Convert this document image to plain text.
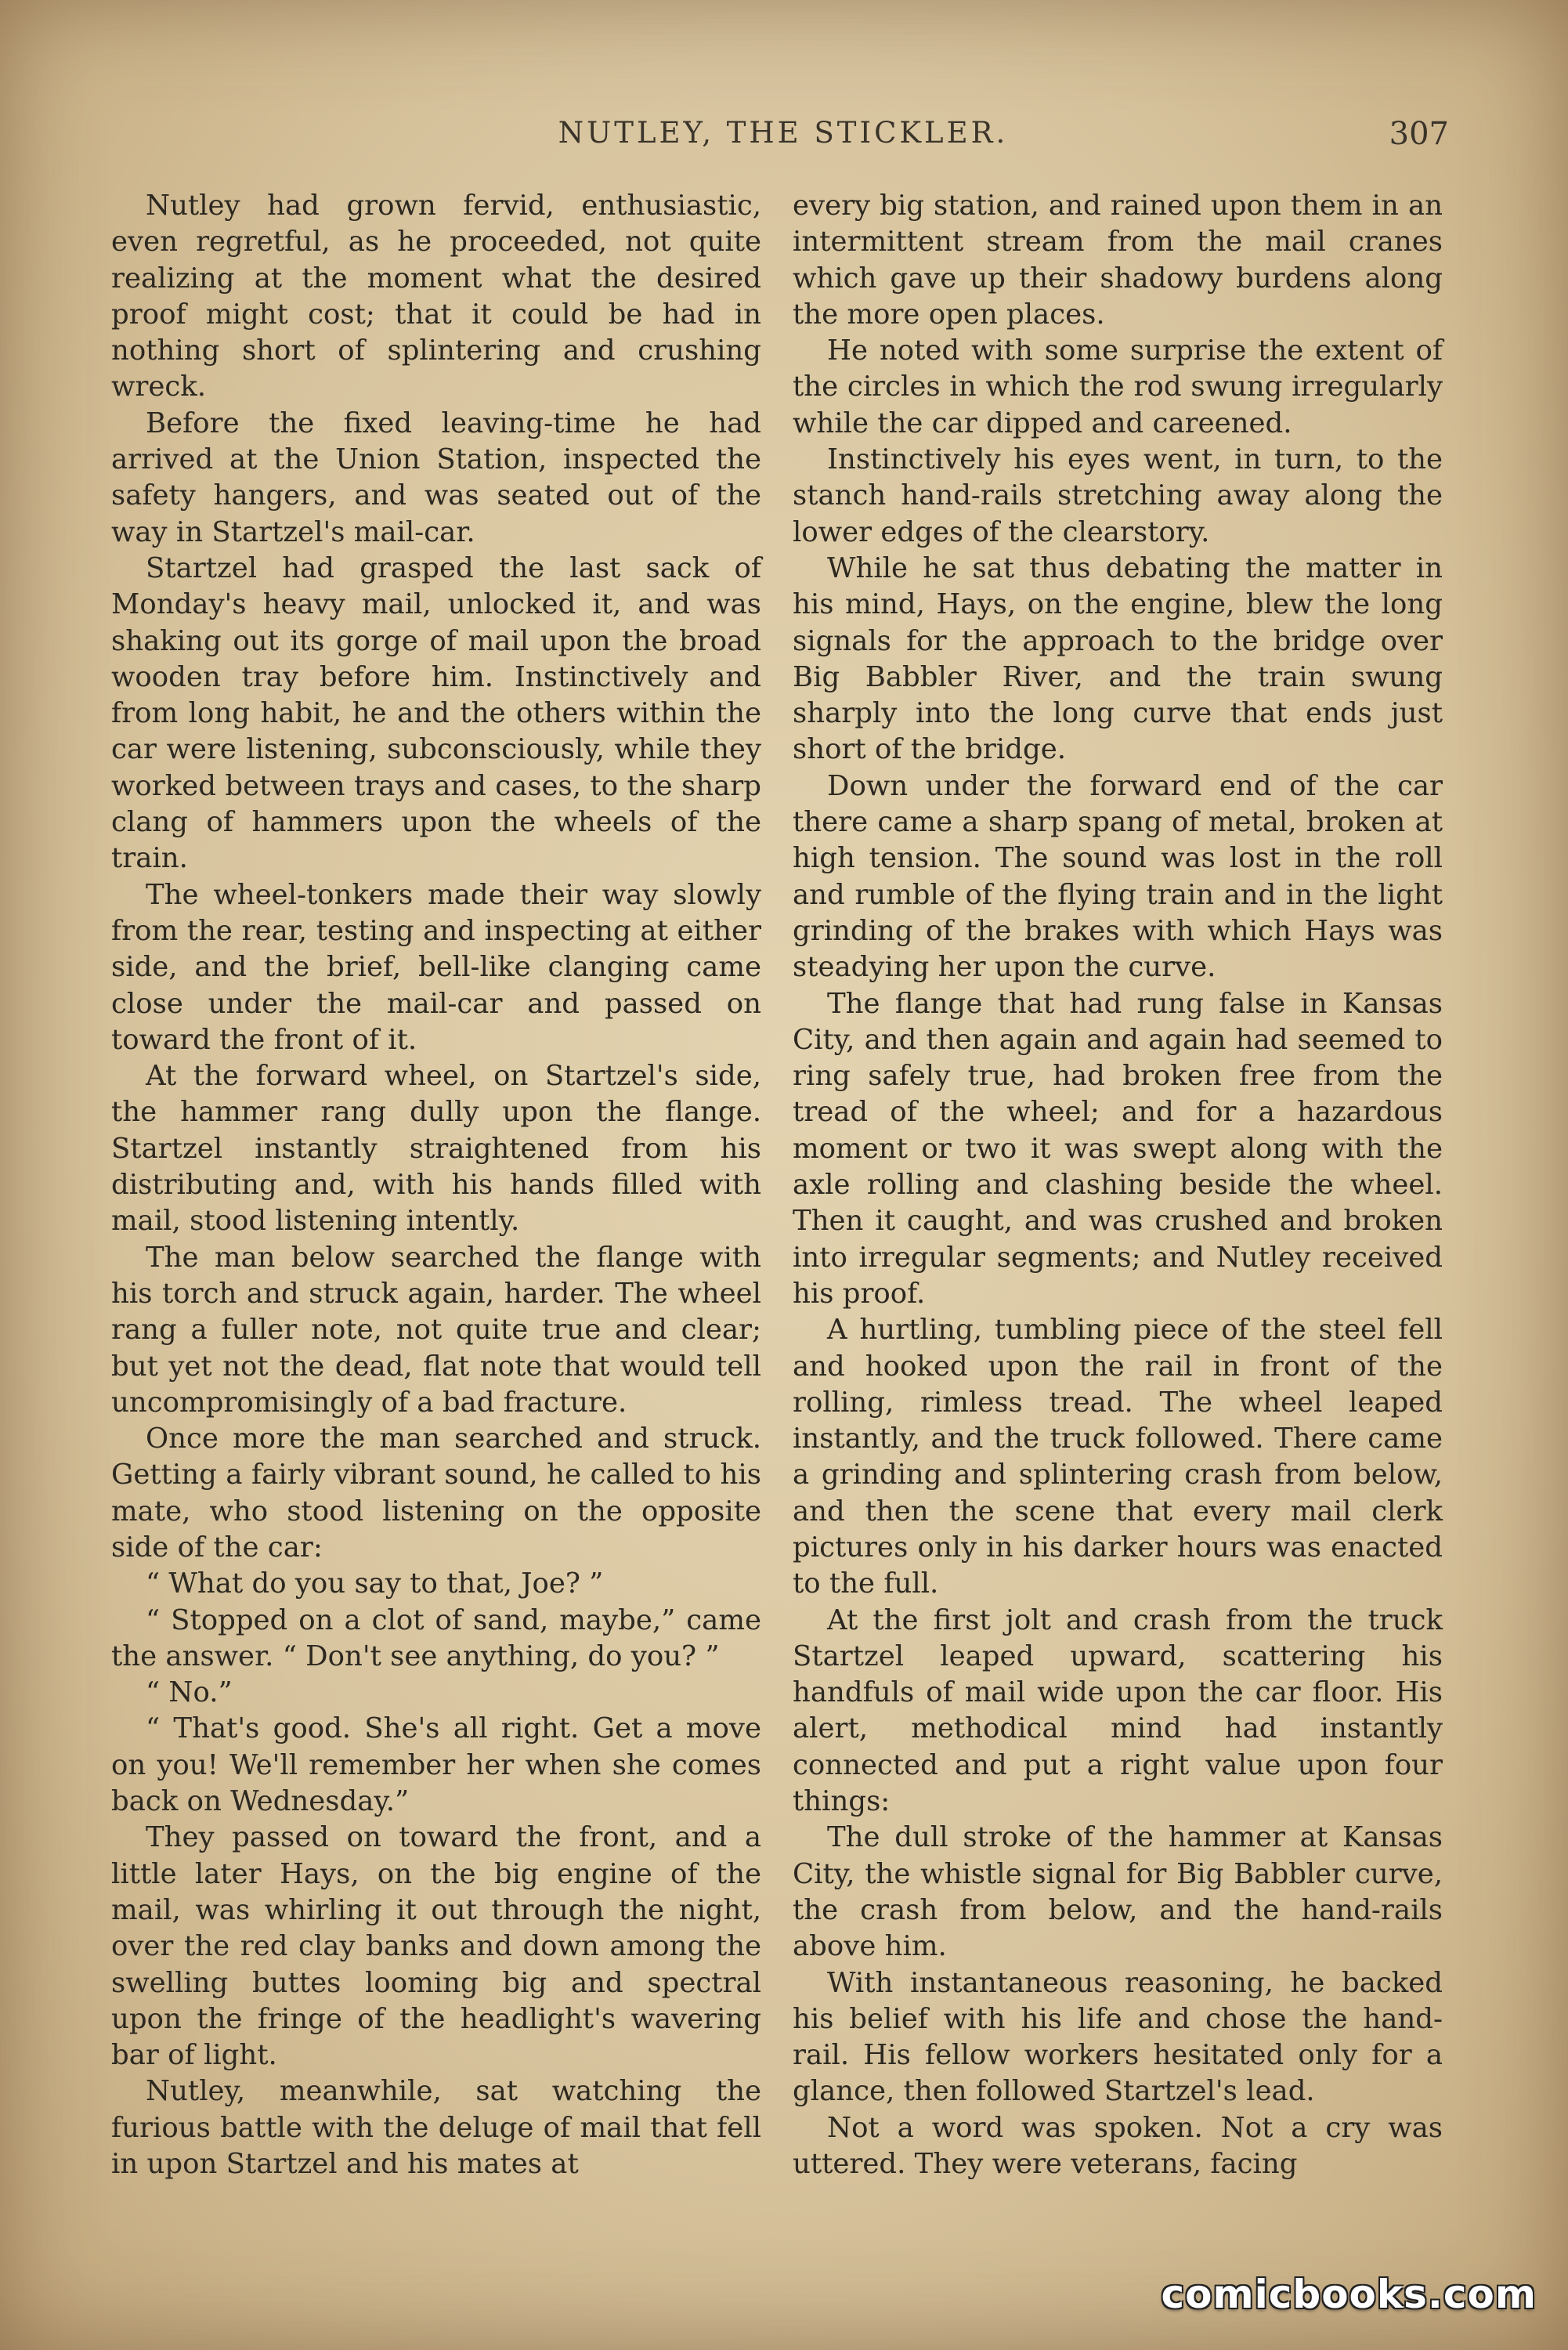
NUTLEY, THE STICKLER.	307

Nutley had grown fervid, enthusiastic, even regretful, as he proceeded, not quite realizing at the moment what the desired proof might cost; that it could be had in nothing short of splintering and crushing wreck.

Before the fixed leaving-time he had arrived at the Union Station, inspected the safety hangers, and was seated out of the way in Startzel's mail-car.

Startzel had grasped the last sack of Monday's heavy mail, unlocked it, and was shaking out its gorge of mail upon the broad wooden tray before him. Instinctively and from long habit, he and the others within the car were listening, subconsciously, while they worked between trays and cases, to the sharp clang of hammers upon the wheels of the train.

The wheel-tonkers made their way slowly from the rear, testing and inspecting at either side, and the brief, bell-like clanging came close under the mail-car and passed on toward the front of it.

At the forward wheel, on Startzel's side, the hammer rang dully upon the flange. Startzel instantly straightened from his distributing and, with his hands filled with mail, stood listening intently.

The man below searched the flange with his torch and struck again, harder. The wheel rang a fuller note, not quite true and clear; but yet not the dead, flat note that would tell uncompromisingly of a bad fracture.

Once more the man searched and struck. Getting a fairly vibrant sound, he called to his mate, who stood listening on the opposite side of the car:

“ What do you say to that, Joe? ”

“ Stopped on a clot of sand, maybe,” came the answer. “ Don't see anything, do you? ”

“ No.”

“ That's good. She's all right. Get a move on you! We'll remember her when she comes back on Wednesday.”

They passed on toward the front, and a little later Hays, on the big engine of the mail, was whirling it out through the night, over the red clay banks and down among the swelling buttes looming big and spectral upon the fringe of the headlight's wavering bar of light.

Nutley, meanwhile, sat watching the furious battle with the deluge of mail that fell in upon Startzel and his mates at

every big station, and rained upon them in an intermittent stream from the mail cranes which gave up their shadowy burdens along the more open places.

He noted with some surprise the extent of the circles in which the rod swung irregularly while the car dipped and careened.

Instinctively his eyes went, in turn, to the stanch hand-rails stretching away along the lower edges of the clearstory.

While he sat thus debating the matter in his mind, Hays, on the engine, blew the long signals for the approach to the bridge over Big Babbler River, and the train swung sharply into the long curve that ends just short of the bridge.

Down under the forward end of the car there came a sharp spang of metal, broken at high tension. The sound was lost in the roll and rumble of the flying train and in the light grinding of the brakes with which Hays was steadying her upon the curve.

The flange that had rung false in Kansas City, and then again and again had seemed to ring safely true, had broken free from the tread of the wheel; and for a hazardous moment or two it was swept along with the axle rolling and clashing beside the wheel. Then it caught, and was crushed and broken into irregular segments; and Nutley received his proof.

A hurtling, tumbling piece of the steel fell and hooked upon the rail in front of the rolling, rimless tread. The wheel leaped instantly, and the truck followed. There came a grinding and splintering crash from below, and then the scene that every mail clerk pictures only in his darker hours was enacted to the full.

At the first jolt and crash from the truck Startzel leaped upward, scattering his handfuls of mail wide upon the car floor. His alert, methodical mind had instantly connected and put a right value upon four things:

The dull stroke of the hammer at Kansas City, the whistle signal for Big Babbler curve, the crash from below, and the hand-rails above him.

With instantaneous reasoning, he backed his belief with his life and chose the hand-rail. His fellow workers hesitated only for a glance, then followed Startzel's lead.

Not a word was spoken. Not a cry was uttered. They were veterans, facing

comicbooks.com
